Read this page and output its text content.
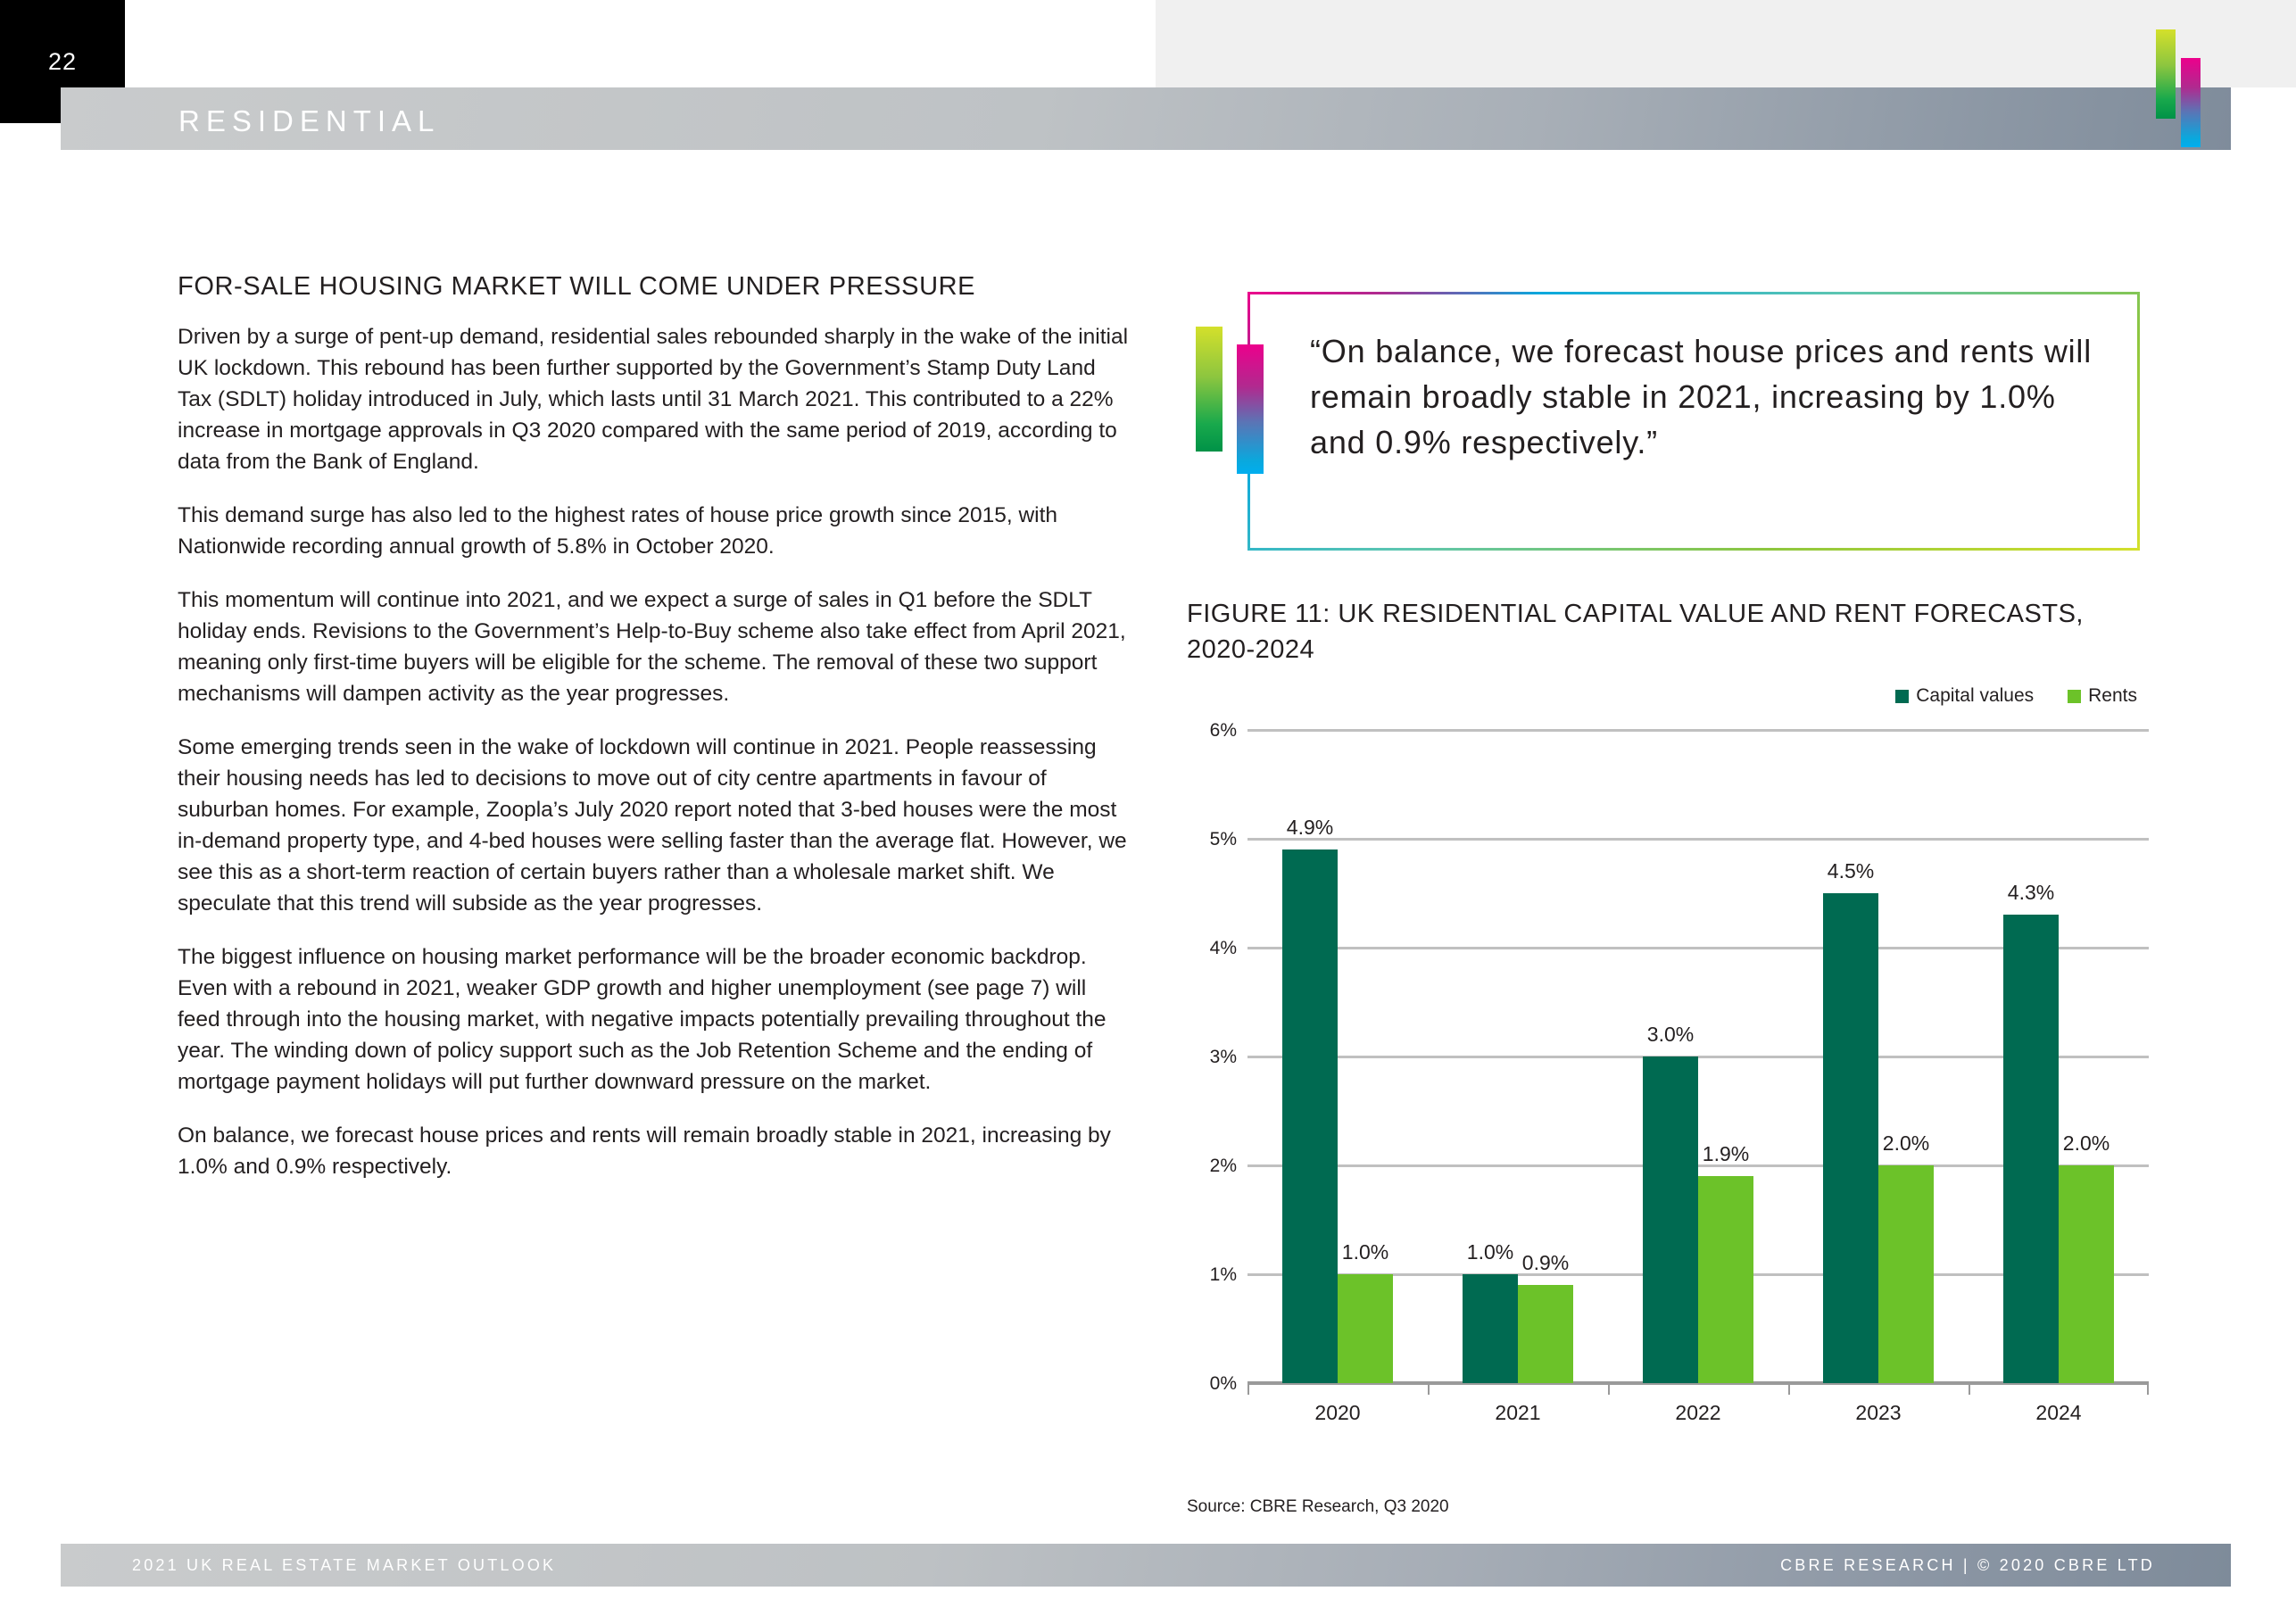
22
RESIDENTIAL
FOR-SALE HOUSING MARKET WILL COME UNDER PRESSURE

Driven by a surge of pent-up demand, residential sales rebounded sharply in the wake of the initial UK lockdown. This rebound has been further supported by the Government’s Stamp Duty Land Tax (SDLT) holiday introduced in July, which lasts until 31 March 2021. This contributed to a 22% increase in mortgage approvals in Q3 2020 compared with the same period of 2019, according to data from the Bank of England.

This demand surge has also led to the highest rates of house price growth since 2015, with Nationwide recording annual growth of 5.8% in October 2020.

This momentum will continue into 2021, and we expect a surge of sales in Q1 before the SDLT holiday ends. Revisions to the Government’s Help-to-Buy scheme also take effect from April 2021, meaning only first-time buyers will be eligible for the scheme. The removal of these two support mechanisms will dampen activity as the year progresses.

Some emerging trends seen in the wake of lockdown will continue in 2021. People reassessing their housing needs has led to decisions to move out of city centre apartments in favour of suburban homes. For example, Zoopla’s July 2020 report noted that 3-bed houses were the most in-demand property type, and 4-bed houses were selling faster than the average flat. However, we see this as a short-term reaction of certain buyers rather than a wholesale market shift. We speculate that this trend will subside as the year progresses.

The biggest influence on housing market performance will be the broader economic backdrop. Even with a rebound in 2021, weaker GDP growth and higher unemployment (see page 7) will feed through into the housing market, with negative impacts potentially prevailing throughout the year. The winding down of policy support such as the Job Retention Scheme and the ending of mortgage payment holidays will put further downward pressure on the market.

On balance, we forecast house prices and rents will remain broadly stable in 2021, increasing by 1.0% and 0.9% respectively.

“On balance, we forecast house prices and rents will remain broadly stable in 2021, increasing by 1.0% and 0.9% respectively.”
FIGURE 11: UK RESIDENTIAL CAPITAL VALUE AND RENT FORECASTS, 2020-2024
Capital values	Rents
0%
1%
2%
3%
4%
5%
6%
4.9%
1.0%
2020
1.0% 0.9%
2021
3.0%
1.9%
2022
4.5%
2.0%
2023
4.3%
2.0%
2024
Source: CBRE Research, Q3 2020
2021 UK REAL ESTATE MARKET OUTLOOK	CBRE RESEARCH | © 2020 CBRE LTD
